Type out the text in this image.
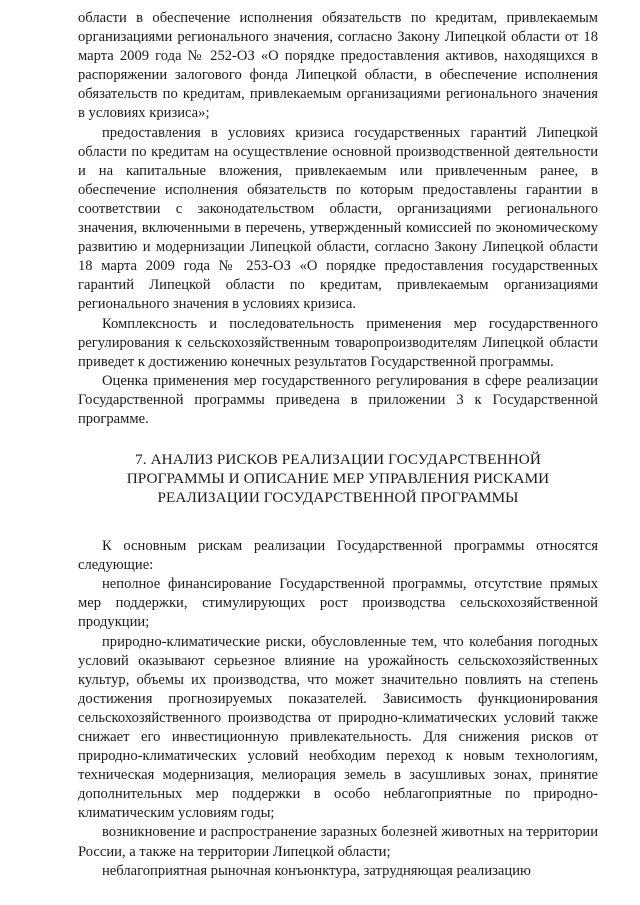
области в обеспечение исполнения обязательств по кредитам, привлекаемым организациями регионального значения, согласно Закону Липецкой области от 18 марта 2009 года № 252-ОЗ «О порядке предоставления активов, находящихся в распоряжении залогового фонда Липецкой области, в обеспечение исполнения обязательств по кредитам, привлекаемым организациями регионального значения в условиях кризиса»;

предоставления в условиях кризиса государственных гарантий Липецкой области по кредитам на осуществление основной производственной деятельности и на капитальные вложения, привлекаемым или привлеченным ранее, в обеспечение исполнения обязательств по которым предоставлены гарантии в соответствии с законодательством области, организациями регионального значения, включенными в перечень, утвержденный комиссией по экономическому развитию и модернизации Липецкой области, согласно Закону Липецкой области 18 марта 2009 года № 253-ОЗ «О порядке предоставления государственных гарантий Липецкой области по кредитам, привлекаемым организациями регионального значения в условиях кризиса.

Комплексность и последовательность применения мер государственного регулирования к сельскохозяйственным товаропроизводителям Липецкой области приведет к достижению конечных результатов Государственной программы.

Оценка применения мер государственного регулирования в сфере реализации Государственной программы приведена в приложении 3 к Государственной программе.

7. АНАЛИЗ РИСКОВ РЕАЛИЗАЦИИ ГОСУДАРСТВЕННОЙ
ПРОГРАММЫ И ОПИСАНИЕ МЕР УПРАВЛЕНИЯ РИСКАМИ
РЕАЛИЗАЦИИ ГОСУДАРСТВЕННОЙ ПРОГРАММЫ

К основным рискам реализации Государственной программы относятся следующие:

неполное финансирование Государственной программы, отсутствие прямых мер поддержки, стимулирующих рост производства сельскохозяйственной продукции;

природно-климатические риски, обусловленные тем, что колебания погодных условий оказывают серьезное влияние на урожайность сельскохозяйственных культур, объемы их производства, что может значительно повлиять на степень достижения прогнозируемых показателей. Зависимость функционирования сельскохозяйственного производства от природно-климатических условий также снижает его инвестиционную привлекательность. Для снижения рисков от природно-климатических условий необходим переход к новым технологиям, техническая модернизация, мелиорация земель в засушливых зонах, принятие дополнительных мер поддержки в особо неблагоприятные по природно-климатическим условиям годы;

возникновение и распространение заразных болезней животных на территории России, а также на территории Липецкой области;

неблагоприятная рыночная конъюнктура, затрудняющая реализацию
